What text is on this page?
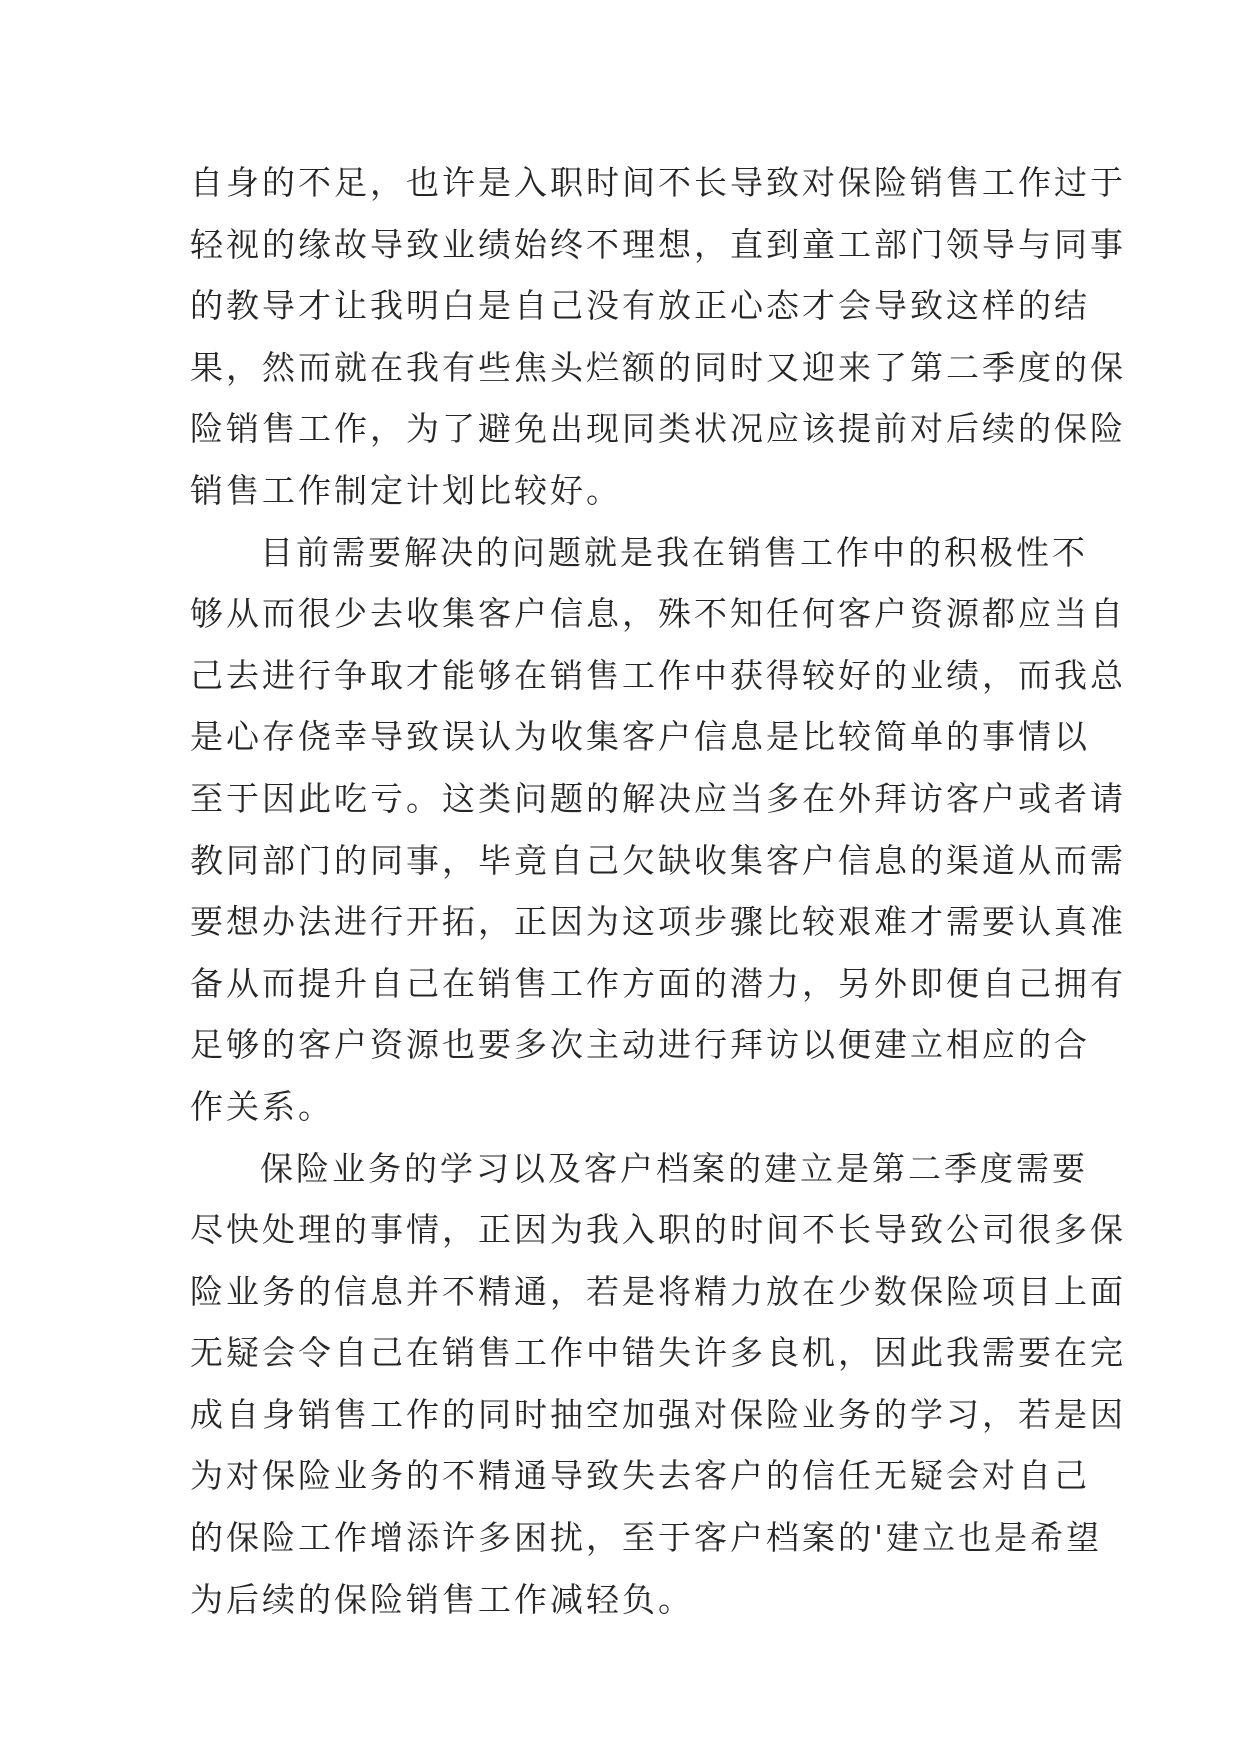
自身的不足，也许是入职时间不长导致对保险销售工作过于
轻视的缘故导致业绩始终不理想，直到童工部门领导与同事
的教导才让我明白是自己没有放正心态才会导致这样的结
果，然而就在我有些焦头烂额的同时又迎来了第二季度的保
险销售工作，为了避免出现同类状况应该提前对后续的保险
销售工作制定计划比较好。
目前需要解决的问题就是我在销售工作中的积极性不
够从而很少去收集客户信息，殊不知任何客户资源都应当自
己去进行争取才能够在销售工作中获得较好的业绩，而我总
是心存侥幸导致误认为收集客户信息是比较简单的事情以
至于因此吃亏。这类问题的解决应当多在外拜访客户或者请
教同部门的同事，毕竟自己欠缺收集客户信息的渠道从而需
要想办法进行开拓，正因为这项步骤比较艰难才需要认真准
备从而提升自己在销售工作方面的潜力，另外即便自己拥有
足够的客户资源也要多次主动进行拜访以便建立相应的合
作关系。
保险业务的学习以及客户档案的建立是第二季度需要
尽快处理的事情，正因为我入职的时间不长导致公司很多保
险业务的信息并不精通，若是将精力放在少数保险项目上面
无疑会令自己在销售工作中错失许多良机，因此我需要在完
成自身销售工作的同时抽空加强对保险业务的学习，若是因
为对保险业务的不精通导致失去客户的信任无疑会对自己
的保险工作增添许多困扰，至于客户档案的'建立也是希望
为后续的保险销售工作减轻负。
